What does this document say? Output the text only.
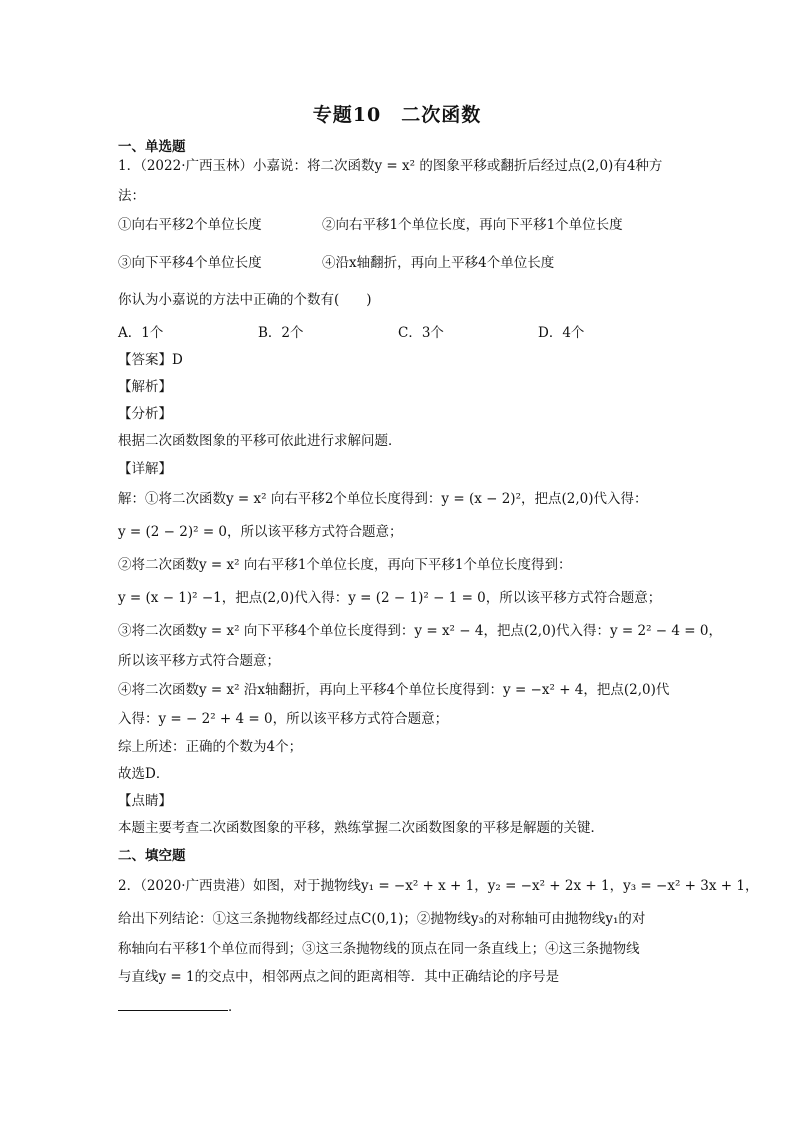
专题10　二次函数
一、单选题
1．（2022·广西玉林）小嘉说：将二次函数y = x² 的图象平移或翻折后经过点(2,0)有4种方
法：
①向右平移2个单位长度	②向右平移1个单位长度，再向下平移1个单位长度
③向下平移4个单位长度	④沿x轴翻折，再向上平移4个单位长度
你认为小嘉说的方法中正确的个数有(　　)
A．1个	B．2个	C．3个	D．4个
【答案】D
【解析】
【分析】
根据二次函数图象的平移可依此进行求解问题．
【详解】
解：①将二次函数y = x² 向右平移2个单位长度得到：y = (x − 2)²，把点(2,0)代入得：
y = (2 − 2)² = 0，所以该平移方式符合题意；
②将二次函数y = x² 向右平移1个单位长度，再向下平移1个单位长度得到：
y = (x − 1)² −1，把点(2,0)代入得：y = (2 − 1)² − 1 = 0，所以该平移方式符合题意；
③将二次函数y = x² 向下平移4个单位长度得到：y = x² − 4，把点(2,0)代入得：y = 2² − 4 = 0，
所以该平移方式符合题意；
④将二次函数y = x² 沿x轴翻折，再向上平移4个单位长度得到：y = −x² + 4，把点(2,0)代
入得：y = − 2² + 4 = 0，所以该平移方式符合题意；
综上所述：正确的个数为4个；
故选D．
【点睛】
本题主要考查二次函数图象的平移，熟练掌握二次函数图象的平移是解题的关键．
二、填空题
2．（2020·广西贵港）如图，对于抛物线y₁ = −x² + x + 1，y₂ = −x² + 2x + 1，y₃ = −x² + 3x + 1，
给出下列结论：①这三条抛物线都经过点C(0,1)；②抛物线y₃的对称轴可由抛物线y₁的对
称轴向右平移1个单位而得到；③这三条抛物线的顶点在同一条直线上；④这三条抛物线
与直线y = 1的交点中，相邻两点之间的距离相等．其中正确结论的序号是
．
